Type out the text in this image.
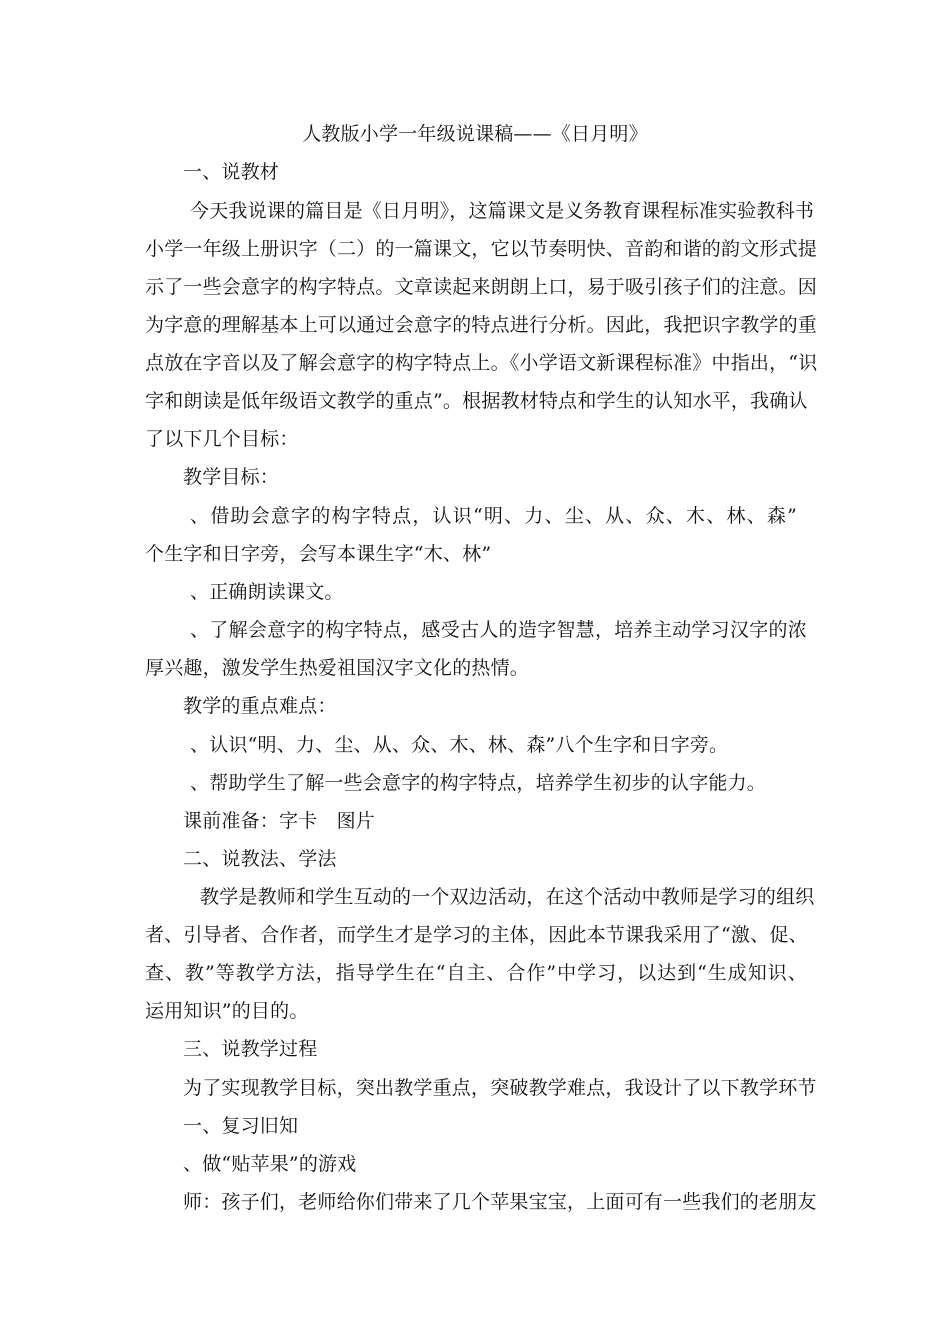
人教版小学一年级说课稿——《日月明》
一、说教材
今天我说课的篇目是《日月明》，这篇课文是义务教育课程标准实验教科书
小学一年级上册识字（二）的一篇课文，它以节奏明快、音韵和谐的韵文形式提
示了一些会意字的构字特点。文章读起来朗朗上口，易于吸引孩子们的注意。因
为字意的理解基本上可以通过会意字的特点进行分析。因此，我把识字教学的重
点放在字音以及了解会意字的构字特点上。《小学语文新课程标准》中指出，“识
字和朗读是低年级语文教学的重点”。根据教材特点和学生的认知水平，我确认
了以下几个目标：
教学目标：
、借助会意字的构字特点，认识“明、力、尘、从、众、木、林、森”
个生字和日字旁，会写本课生字“木、林”
、正确朗读课文。
、了解会意字的构字特点，感受古人的造字智慧，培养主动学习汉字的浓
厚兴趣，激发学生热爱祖国汉字文化的热情。
教学的重点难点：
、认识“明、力、尘、从、众、木、林、森”八个生字和日字旁。
、帮助学生了解一些会意字的构字特点，培养学生初步的认字能力。
课前准备：字卡　图片
二、说教法、学法
教学是教师和学生互动的一个双边活动，在这个活动中教师是学习的组织
者、引导者、合作者，而学生才是学习的主体，因此本节课我采用了“激、促、
查、教”等教学方法，指导学生在“自主、合作”中学习，以达到“生成知识、
运用知识”的目的。
三、说教学过程
为了实现教学目标，突出教学重点，突破教学难点，我设计了以下教学环节
一、复习旧知
、做“贴苹果”的游戏
师：孩子们，老师给你们带来了几个苹果宝宝，上面可有一些我们的老朋友
